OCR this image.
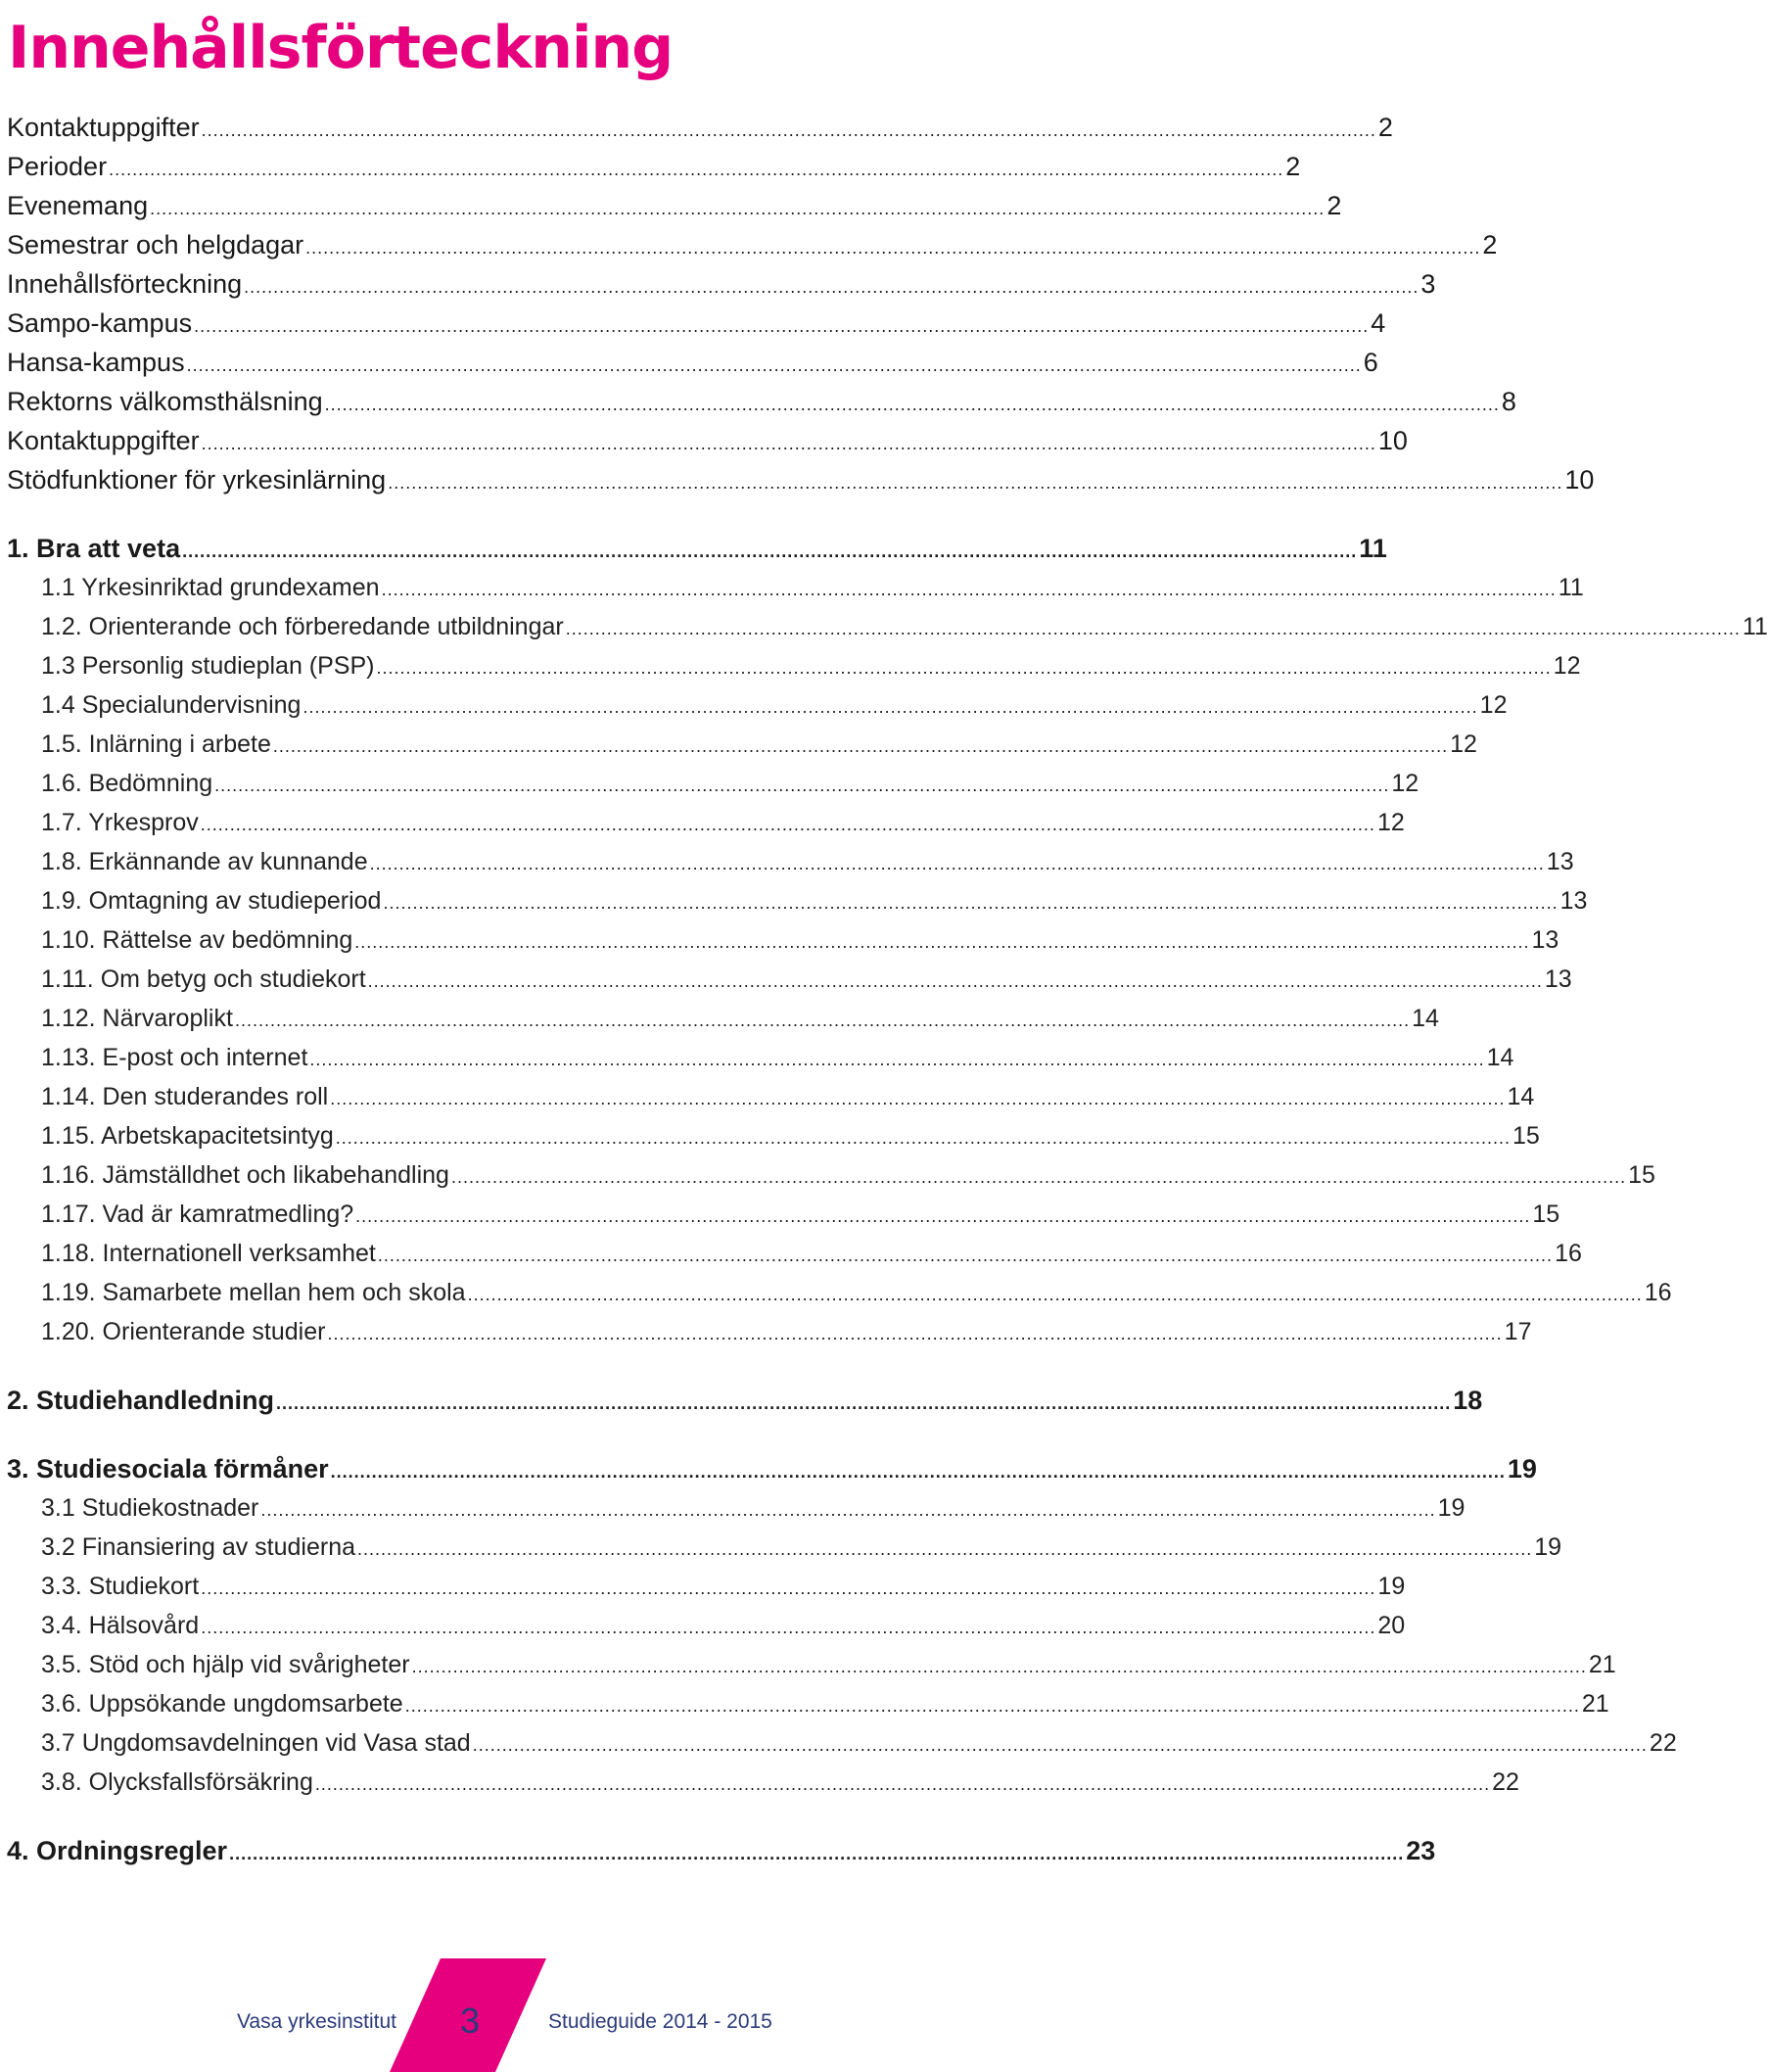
Innehållsförteckning
Kontaktuppgifter ........................................................................................................................................................................................................ 2
Perioder ........................................................................................................................................................................................................ 2
Evenemang ........................................................................................................................................................................................................ 2
Semestrar och helgdagar ........................................................................................................................................................................................................ 2
Innehållsförteckning ........................................................................................................................................................................................................ 3
Sampo-kampus ........................................................................................................................................................................................................ 4
Hansa-kampus ........................................................................................................................................................................................................ 6
Rektorns välkomsthälsning ........................................................................................................................................................................................................ 8
Kontaktuppgifter ........................................................................................................................................................................................................ 10
Stödfunktioner för yrkesinlärning ........................................................................................................................................................................................................ 10
1. Bra att veta ........................................................................................................................................................................................................ 11
1.1 Yrkesinriktad grundexamen ........................................................................................................................................................................................................ 11
1.2. Orienterande och förberedande utbildningar ........................................................................................................................................................................................................ 11
1.3 Personlig studieplan (PSP) ........................................................................................................................................................................................................ 12
1.4 Specialundervisning ........................................................................................................................................................................................................ 12
1.5. Inlärning i arbete ........................................................................................................................................................................................................ 12
1.6. Bedömning ........................................................................................................................................................................................................ 12
1.7. Yrkesprov ........................................................................................................................................................................................................ 12
1.8. Erkännande av kunnande ........................................................................................................................................................................................................ 13
1.9. Omtagning av studieperiod ........................................................................................................................................................................................................ 13
1.10. Rättelse av bedömning ........................................................................................................................................................................................................ 13
1.11. Om betyg och studiekort ........................................................................................................................................................................................................ 13
1.12. Närvaroplikt ........................................................................................................................................................................................................ 14
1.13. E-post och internet ........................................................................................................................................................................................................ 14
1.14. Den studerandes roll ........................................................................................................................................................................................................ 14
1.15. Arbetskapacitetsintyg ........................................................................................................................................................................................................ 15
1.16. Jämställdhet och likabehandling ........................................................................................................................................................................................................ 15
1.17. Vad är kamratmedling? ........................................................................................................................................................................................................ 15
1.18. Internationell verksamhet ........................................................................................................................................................................................................ 16
1.19. Samarbete mellan hem och skola ........................................................................................................................................................................................................ 16
1.20. Orienterande studier ........................................................................................................................................................................................................ 17
2. Studiehandledning ........................................................................................................................................................................................................ 18
3. Studiesociala förmåner ........................................................................................................................................................................................................ 19
3.1 Studiekostnader ........................................................................................................................................................................................................ 19
3.2 Finansiering av studierna ........................................................................................................................................................................................................ 19
3.3. Studiekort ........................................................................................................................................................................................................ 19
3.4. Hälsovård ........................................................................................................................................................................................................ 20
3.5. Stöd och hjälp vid svårigheter ........................................................................................................................................................................................................ 21
3.6. Uppsökande ungdomsarbete ........................................................................................................................................................................................................ 21
3.7 Ungdomsavdelningen vid Vasa stad ........................................................................................................................................................................................................ 22
3.8. Olycksfallsförsäkring ........................................................................................................................................................................................................ 22
4. Ordningsregler ........................................................................................................................................................................................................ 23
Vasa yrkesinstitut 3	Studieguide 2014 - 2015
